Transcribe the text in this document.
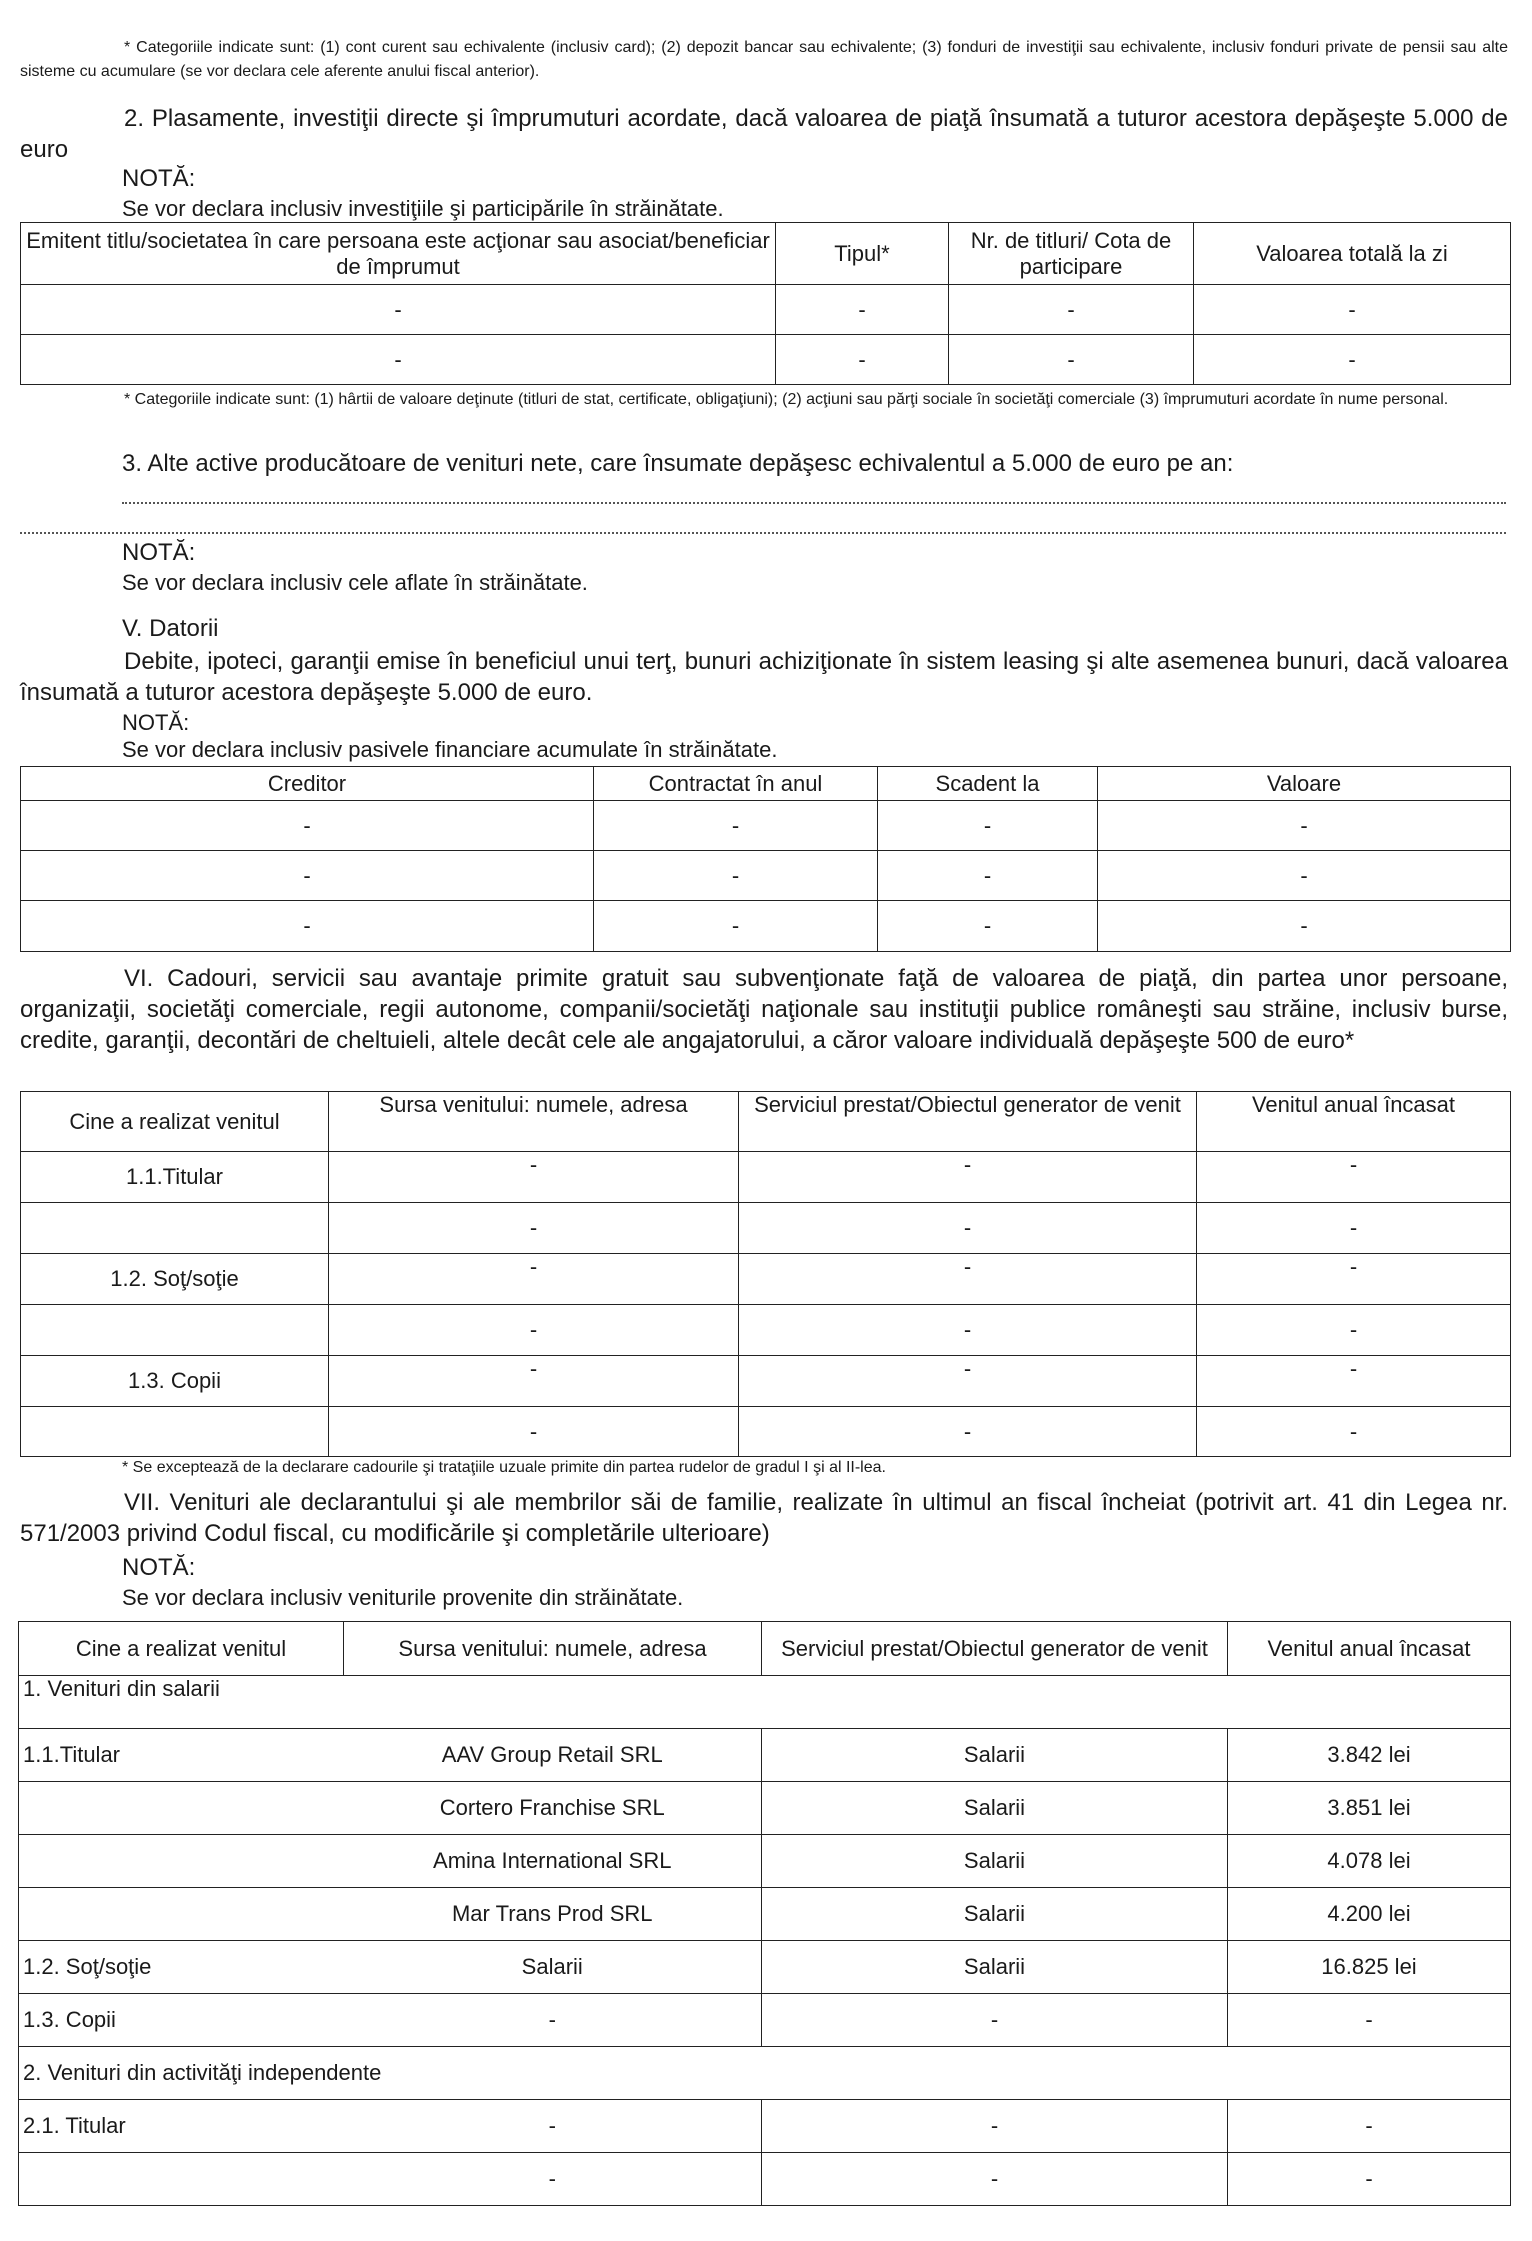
* Categoriile indicate sunt: (1) cont curent sau echivalente (inclusiv card); (2) depozit bancar sau echivalente; (3) fonduri de investiţii sau echivalente, inclusiv fonduri private de pensii sau alte sisteme cu acumulare (se vor declara cele aferente anului fiscal anterior).
2. Plasamente, investiţii directe şi împrumuturi acordate, dacă valoarea de piaţă însumată a tuturor acestora depăşeşte 5.000 de euro
NOTĂ:
Se vor declara inclusiv investiţiile şi participările în străinătate.
Emitent titlu/societatea în care persoana este acţionar sau asociat/beneficiar de împrumut	Tipul*	Nr. de titluri/ Cota de participare	Valoarea totală la zi
-	-	-	-
-	-	-	-
* Categoriile indicate sunt: (1) hârtii de valoare deţinute (titluri de stat, certificate, obligaţiuni); (2) acţiuni sau părţi sociale în societăţi comerciale (3) împrumuturi acordate în nume personal.
3. Alte active producătoare de venituri nete, care însumate depăşesc echivalentul a 5.000 de euro pe an:
NOTĂ:
Se vor declara inclusiv cele aflate în străinătate.
V. Datorii
Debite, ipoteci, garanţii emise în beneficiul unui terţ, bunuri achiziţionate în sistem leasing şi alte asemenea bunuri, dacă valoarea însumată a tuturor acestora depăşeşte 5.000 de euro.
NOTĂ:
Se vor declara inclusiv pasivele financiare acumulate în străinătate.
Creditor	Contractat în anul	Scadent la	Valoare
-	-	-	-
-	-	-	-
-	-	-	-
VI. Cadouri, servicii sau avantaje primite gratuit sau subvenţionate faţă de valoarea de piaţă, din partea unor persoane, organizaţii, societăţi comerciale, regii autonome, companii/societăţi naţionale sau instituţii publice româneşti sau străine, inclusiv burse, credite, garanţii, decontări de cheltuieli, altele decât cele ale angajatorului, a căror valoare individuală depăşeşte 500 de euro*
Cine a realizat venitul	Sursa venitului: numele, adresa	Serviciul prestat/Obiectul generator de venit	Venitul anual încasat
1.1.Titular	-	-	-
	-	-	-
1.2. Soţ/soţie	-	-	-
	-	-	-
1.3. Copii	-	-	-
	-	-	-
* Se exceptează de la declarare cadourile şi trataţiile uzuale primite din partea rudelor de gradul I şi al II-lea.
VII. Venituri ale declarantului şi ale membrilor săi de familie, realizate în ultimul an fiscal încheiat (potrivit art. 41 din Legea nr. 571/2003 privind Codul fiscal, cu modificările şi completările ulterioare)
NOTĂ:
Se vor declara inclusiv veniturile provenite din străinătate.
Cine a realizat venitul	Sursa venitului: numele, adresa	Serviciul prestat/Obiectul generator de venit	Venitul anual încasat
1. Venituri din salarii			
1.1.Titular	AAV Group Retail SRL	Salarii	3.842 lei
	Cortero Franchise SRL	Salarii	3.851 lei
	Amina International SRL	Salarii	4.078 lei
	Mar Trans Prod SRL	Salarii	4.200 lei
1.2. Soţ/soţie	Salarii	Salarii	16.825 lei
1.3. Copii	-	-	-
2. Venituri din activităţi independente			
2.1. Titular	-	-	-
	-	-	-
